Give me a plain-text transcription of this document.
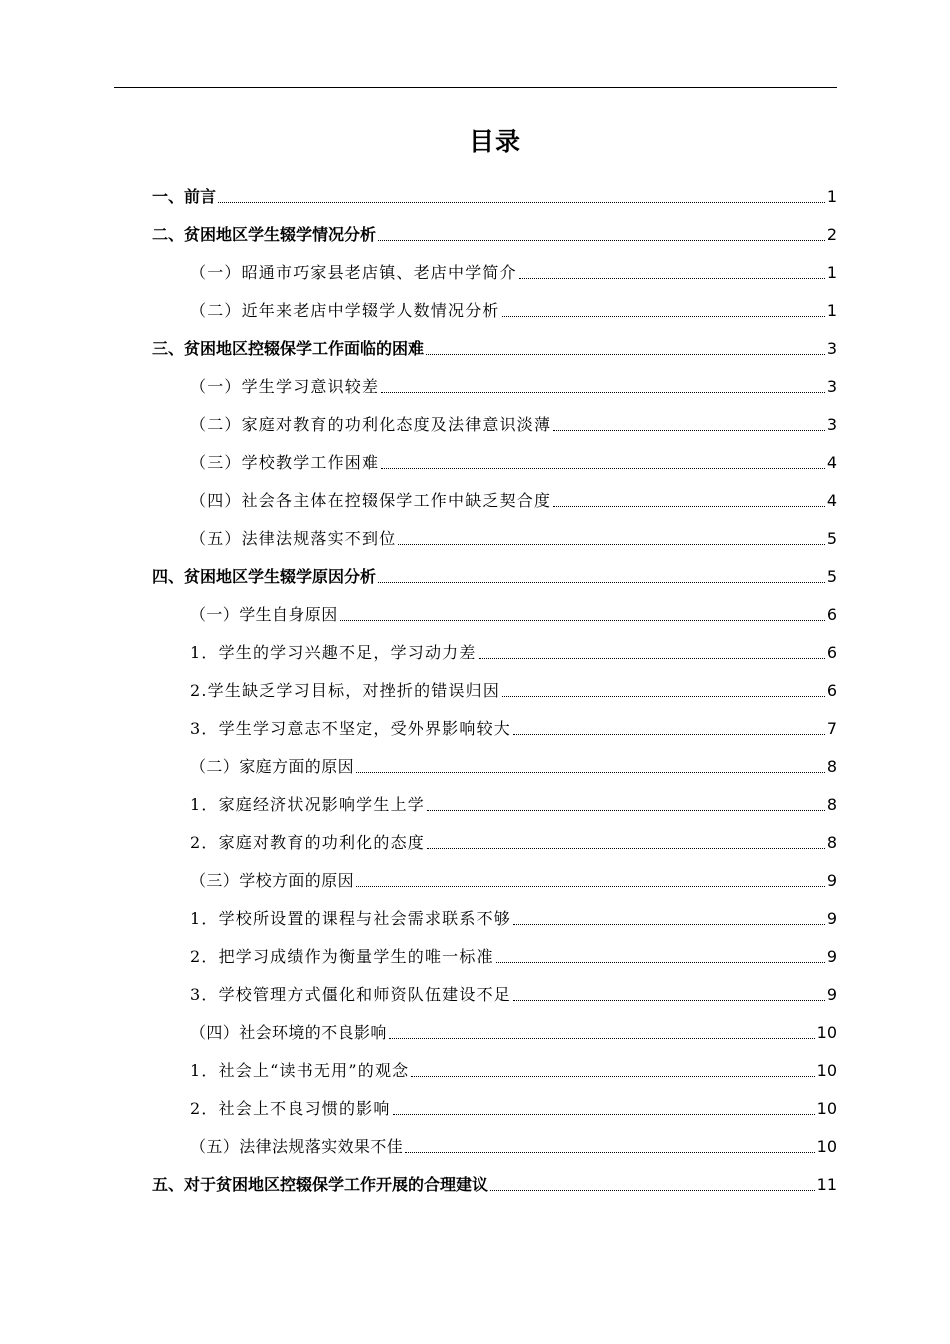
目录
一、前言	1
二、贫困地区学生辍学情况分析	2
（一）昭通市巧家县老店镇、老店中学简介	1
（二）近年来老店中学辍学人数情况分析	1
三、贫困地区控辍保学工作面临的困难	3
（一）学生学习意识较差	3
（二）家庭对教育的功利化态度及法律意识淡薄	3
（三）学校教学工作困难	4
（四）社会各主体在控辍保学工作中缺乏契合度	4
（五）法律法规落实不到位	5
四、贫困地区学生辍学原因分析	5
（一）学生自身原因	6
1．学生的学习兴趣不足，学习动力差	6
2.学生缺乏学习目标，对挫折的错误归因	6
3．学生学习意志不坚定，受外界影响较大	7
（二）家庭方面的原因	8
1．家庭经济状况影响学生上学	8
2．家庭对教育的功利化的态度	8
（三）学校方面的原因	9
1．学校所设置的课程与社会需求联系不够	9
2．把学习成绩作为衡量学生的唯一标准	9
3．学校管理方式僵化和师资队伍建设不足	9
（四）社会环境的不良影响	10
1．社会上“读书无用”的观念	10
2．社会上不良习惯的影响	10
（五）法律法规落实效果不佳	10
五、对于贫困地区控辍保学工作开展的合理建议	11
